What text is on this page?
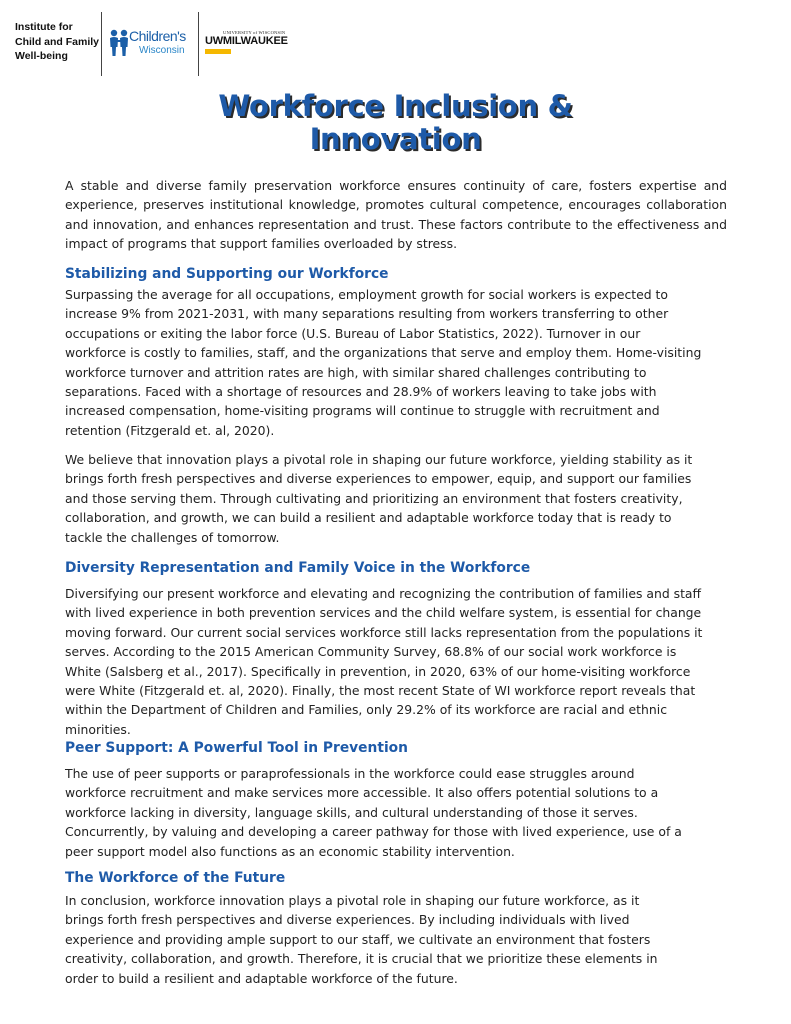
Institute for
Child and Family
Well-being
Children's
Wisconsin
UNIVERSITY of WISCONSIN
UWMILWAUKEE
Workforce Inclusion &
Innovation

A stable and diverse family preservation workforce ensures continuity of care, fosters expertise and experience, preserves institutional knowledge, promotes cultural competence, encourages collaboration and innovation, and enhances representation and trust. These factors contribute to the effectiveness and impact of programs that support families overloaded by stress.

Stabilizing and Supporting our Workforce
Surpassing the average for all occupations, employment growth for social workers is expected to
increase 9% from 2021-2031, with many separations resulting from workers transferring to other
occupations or exiting the labor force (U.S. Bureau of Labor Statistics, 2022). Turnover in our
workforce is costly to families, staff, and the organizations that serve and employ them. Home-visiting
workforce turnover and attrition rates are high, with similar shared challenges contributing to
separations. Faced with a shortage of resources and 28.9% of workers leaving to take jobs with
increased compensation, home-visiting programs will continue to struggle with recruitment and
retention (Fitzgerald et. al, 2020).
We believe that innovation plays a pivotal role in shaping our future workforce, yielding stability as it
brings forth fresh perspectives and diverse experiences to empower, equip, and support our families
and those serving them. Through cultivating and prioritizing an environment that fosters creativity,
collaboration, and growth, we can build a resilient and adaptable workforce today that is ready to
tackle the challenges of tomorrow.
Diversity Representation and Family Voice in the Workforce
Diversifying our present workforce and elevating and recognizing the contribution of families and staff
with lived experience in both prevention services and the child welfare system, is essential for change
moving forward. Our current social services workforce still lacks representation from the populations it
serves. According to the 2015 American Community Survey, 68.8% of our social work workforce is
White (Salsberg et al., 2017). Specifically in prevention, in 2020, 63% of our home-visiting workforce
were White (Fitzgerald et. al, 2020). Finally, the most recent State of WI workforce report reveals that
within the Department of Children and Families, only 29.2% of its workforce are racial and ethnic
minorities.
Peer Support: A Powerful Tool in Prevention
The use of peer supports or paraprofessionals in the workforce could ease struggles around
workforce recruitment and make services more accessible. It also offers potential solutions to a
workforce lacking in diversity, language skills, and cultural understanding of those it serves.
Concurrently, by valuing and developing a career pathway for those with lived experience, use of a
peer support model also functions as an economic stability intervention.
The Workforce of the Future
In conclusion, workforce innovation plays a pivotal role in shaping our future workforce, as it
brings forth fresh perspectives and diverse experiences. By including individuals with lived
experience and providing ample support to our staff, we cultivate an environment that fosters
creativity, collaboration, and growth. Therefore, it is crucial that we prioritize these elements in
order to build a resilient and adaptable workforce of the future.
